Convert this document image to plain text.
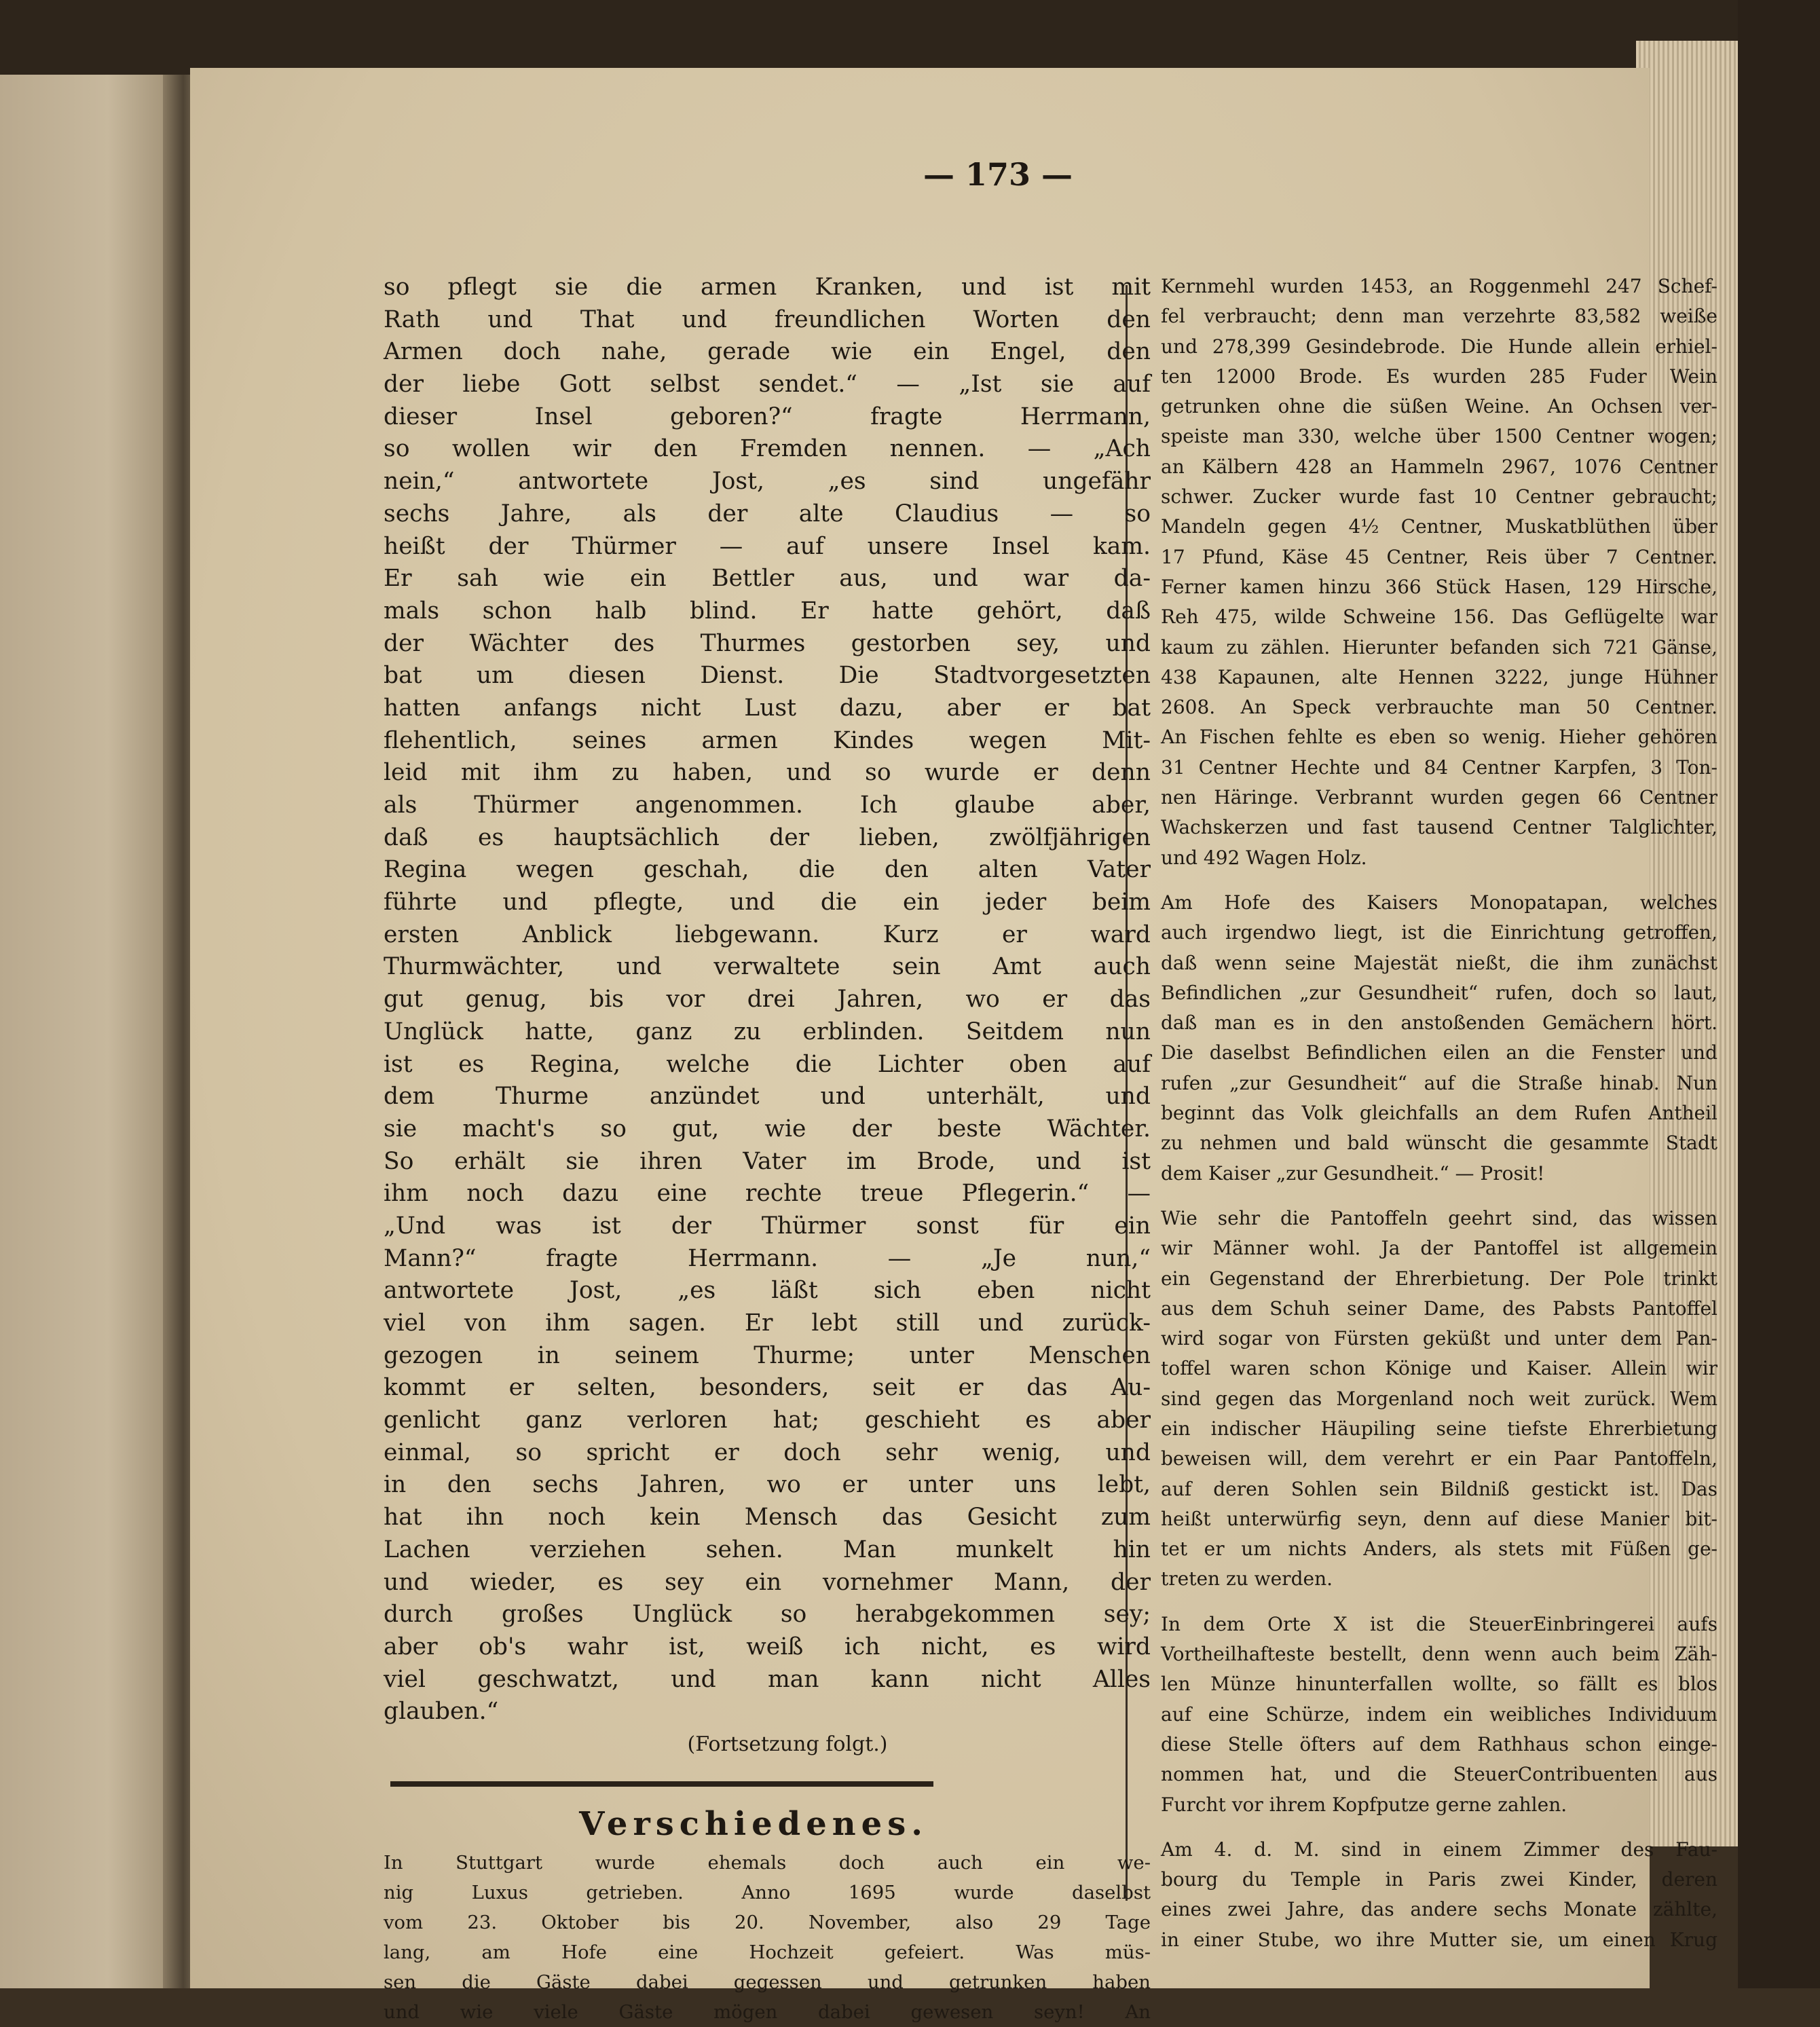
— 173 —
so pflegt sie die armen Kranken, und ist mit
Rath und That und freundlichen Worten den
Armen doch nahe, gerade wie ein Engel, den
der liebe Gott selbst sendet.“ — „Ist sie auf
dieser Insel geboren?“ fragte Herrmann,
so wollen wir den Fremden nennen. — „Ach
nein,“ antwortete Jost, „es sind ungefähr
sechs Jahre, als der alte Claudius — so
heißt der Thürmer — auf unsere Insel kam.
Er sah wie ein Bettler aus, und war da-
mals schon halb blind. Er hatte gehört, daß
der Wächter des Thurmes gestorben sey, und
bat um diesen Dienst. Die Stadtvorgesetzten
hatten anfangs nicht Lust dazu, aber er bat
flehentlich, seines armen Kindes wegen Mit-
leid mit ihm zu haben, und so wurde er denn
als Thürmer angenommen. Ich glaube aber,
daß es hauptsächlich der lieben, zwölfjährigen
Regina wegen geschah, die den alten Vater
führte und pflegte, und die ein jeder beim
ersten Anblick liebgewann. Kurz er ward
Thurmwächter, und verwaltete sein Amt auch
gut genug, bis vor drei Jahren, wo er das
Unglück hatte, ganz zu erblinden. Seitdem nun
ist es Regina, welche die Lichter oben auf
dem Thurme anzündet und unterhält, und
sie macht's so gut, wie der beste Wächter.
So erhält sie ihren Vater im Brode, und ist
ihm noch dazu eine rechte treue Pflegerin.“ —
„Und was ist der Thürmer sonst für ein
Mann?“ fragte Herrmann. — „Je nun,“
antwortete Jost, „es läßt sich eben nicht
viel von ihm sagen. Er lebt still und zurück-
gezogen in seinem Thurme; unter Menschen
kommt er selten, besonders, seit er das Au-
genlicht ganz verloren hat; geschieht es aber
einmal, so spricht er doch sehr wenig, und
in den sechs Jahren, wo er unter uns lebt,
hat ihn noch kein Mensch das Gesicht zum
Lachen verziehen sehen. Man munkelt hin
und wieder, es sey ein vornehmer Mann, der
durch großes Unglück so herabgekommen sey;
aber ob's wahr ist, weiß ich nicht, es wird
viel geschwatzt, und man kann nicht Alles
glauben.“
(Fortsetzung folgt.)
Verschiedenes.
In Stuttgart wurde ehemals doch auch ein we-
nig Luxus getrieben. Anno 1695 wurde daselbst
vom 23. Oktober bis 20. November, also 29 Tage
lang, am Hofe eine Hochzeit gefeiert. Was müs-
sen die Gäste dabei gegessen und getrunken haben
und wie viele Gäste mögen dabei gewesen seyn! An
Kernmehl wurden 1453, an Roggenmehl 247 Schef-
fel verbraucht; denn man verzehrte 83,582 weiße
und 278,399 Gesindebrode. Die Hunde allein erhiel-
ten 12000 Brode. Es wurden 285 Fuder Wein
getrunken ohne die süßen Weine. An Ochsen ver-
speiste man 330, welche über 1500 Centner wogen;
an Kälbern 428 an Hammeln 2967, 1076 Centner
schwer. Zucker wurde fast 10 Centner gebraucht;
Mandeln gegen 4½ Centner, Muskatblüthen über
17 Pfund, Käse 45 Centner, Reis über 7 Centner.
Ferner kamen hinzu 366 Stück Hasen, 129 Hirsche,
Reh 475, wilde Schweine 156. Das Geflügelte war
kaum zu zählen. Hierunter befanden sich 721 Gänse,
438 Kapaunen, alte Hennen 3222, junge Hühner
2608. An Speck verbrauchte man 50 Centner.
An Fischen fehlte es eben so wenig. Hieher gehören
31 Centner Hechte und 84 Centner Karpfen, 3 Ton-
nen Häringe. Verbrannt wurden gegen 66 Centner
Wachskerzen und fast tausend Centner Talglichter,
und 492 Wagen Holz.
Am Hofe des Kaisers Monopatapan, welches
auch irgendwo liegt, ist die Einrichtung getroffen,
daß wenn seine Majestät nießt, die ihm zunächst
Befindlichen „zur Gesundheit“ rufen, doch so laut,
daß man es in den anstoßenden Gemächern hört.
Die daselbst Befindlichen eilen an die Fenster und
rufen „zur Gesundheit“ auf die Straße hinab. Nun
beginnt das Volk gleichfalls an dem Rufen Antheil
zu nehmen und bald wünscht die gesammte Stadt
dem Kaiser „zur Gesundheit.“ — Prosit!
Wie sehr die Pantoffeln geehrt sind, das wissen
wir Männer wohl. Ja der Pantoffel ist allgemein
ein Gegenstand der Ehrerbietung. Der Pole trinkt
aus dem Schuh seiner Dame, des Pabsts Pantoffel
wird sogar von Fürsten geküßt und unter dem Pan-
toffel waren schon Könige und Kaiser. Allein wir
sind gegen das Morgenland noch weit zurück. Wem
ein indischer Häupiling seine tiefste Ehrerbietung
beweisen will, dem verehrt er ein Paar Pantoffeln,
auf deren Sohlen sein Bildniß gestickt ist. Das
heißt unterwürfig seyn, denn auf diese Manier bit-
tet er um nichts Anders, als stets mit Füßen ge-
treten zu werden.
In dem Orte X ist die SteuerEinbringerei aufs
Vortheilhafteste bestellt, denn wenn auch beim Zäh-
len Münze hinunterfallen wollte, so fällt es blos
auf eine Schürze, indem ein weibliches Individuum
diese Stelle öfters auf dem Rathhaus schon einge-
nommen hat, und die SteuerContribuenten aus
Furcht vor ihrem Kopfputze gerne zahlen.
Am 4. d. M. sind in einem Zimmer des Fau-
bourg du Temple in Paris zwei Kinder, deren
eines zwei Jahre, das andere sechs Monate zählte,
in einer Stube, wo ihre Mutter sie, um einen Krug
